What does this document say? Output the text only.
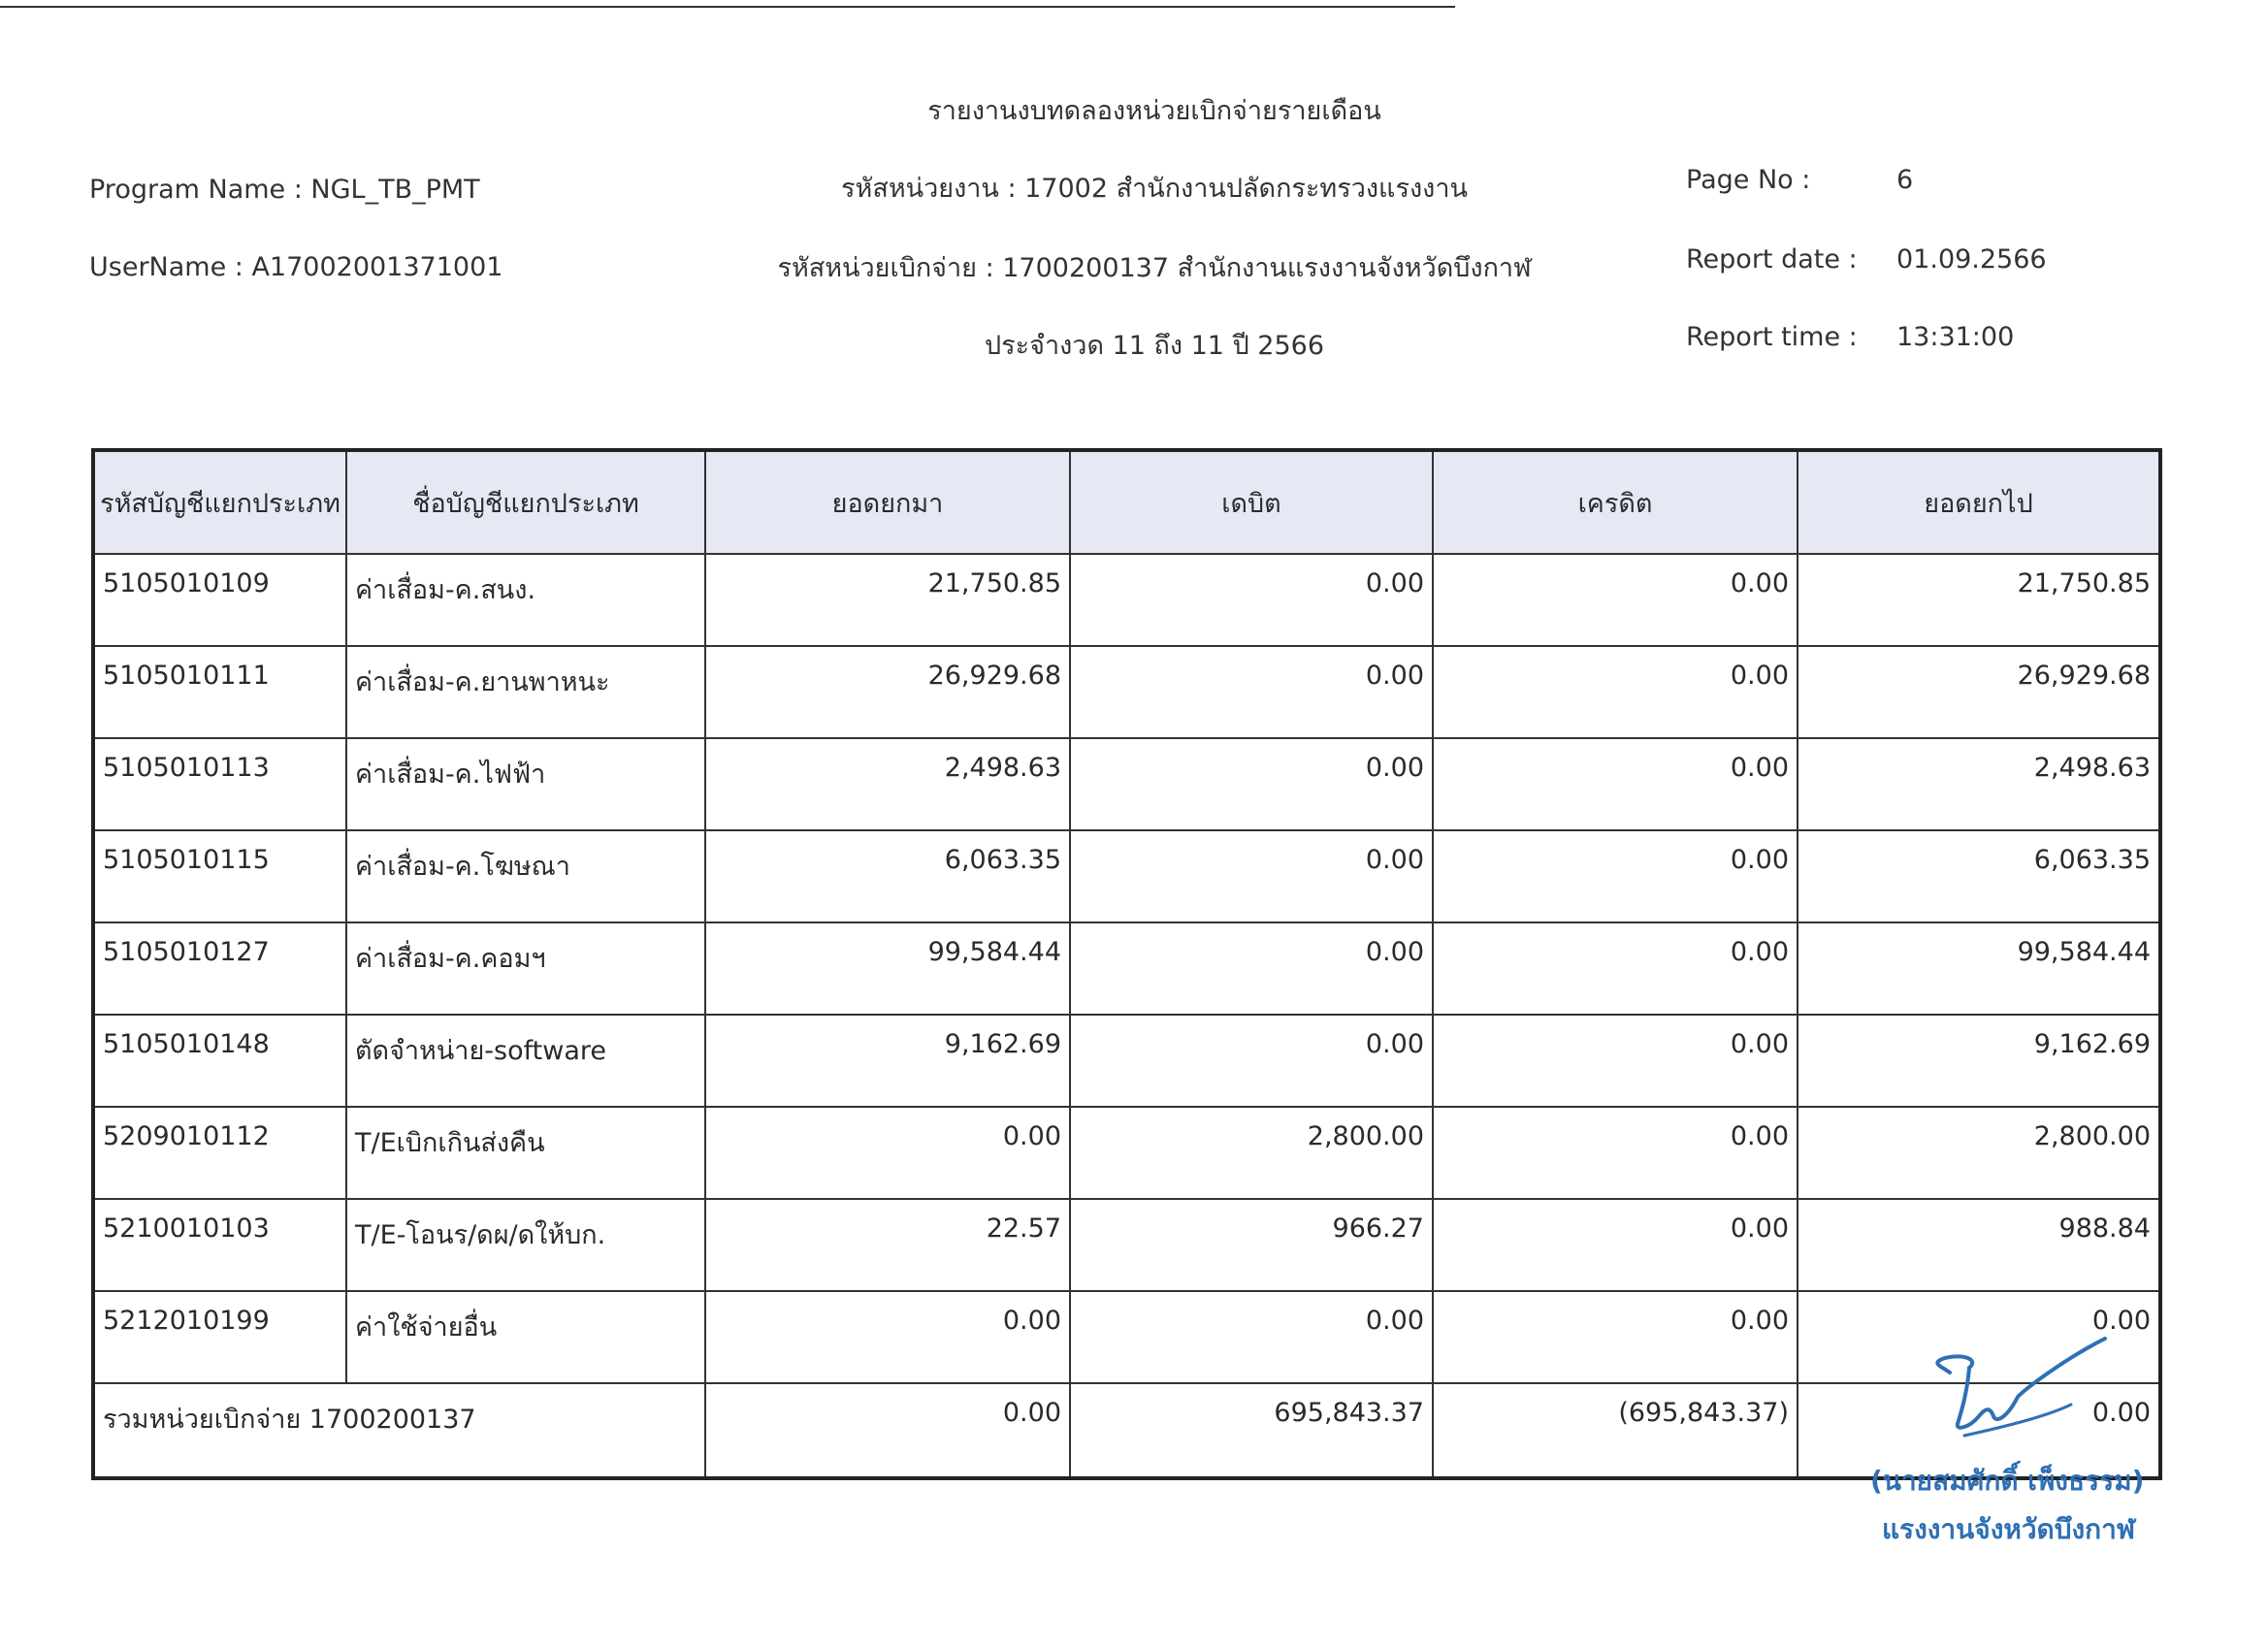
รายงานงบทดลองหน่วยเบิกจ่ายรายเดือน
Program Name : NGL_TB_PMT
UserName : A17002001371001
รหัสหน่วยงาน : 17002 สำนักงานปลัดกระทรวงแรงงาน
รหัสหน่วยเบิกจ่าย : 1700200137 สำนักงานแรงงานจังหวัดบึงกาฬ
ประจำงวด 11 ถึง 11 ปี 2566
Page No :	6
Report date : 01.09.2566
Report time : 13:31:00
รหัสบัญชีแยกประเภท	ชื่อบัญชีแยกประเภท	ยอดยกมา	เดบิต	เครดิต	ยอดยกไป
5105010109	ค่าเสื่อม-ค.สนง.	21,750.85	0.00	0.00	21,750.85
5105010111	ค่าเสื่อม-ค.ยานพาหนะ	26,929.68	0.00	0.00	26,929.68
5105010113	ค่าเสื่อม-ค.ไฟฟ้า	2,498.63	0.00	0.00	2,498.63
5105010115	ค่าเสื่อม-ค.โฆษณา	6,063.35	0.00	0.00	6,063.35
5105010127	ค่าเสื่อม-ค.คอมฯ	99,584.44	0.00	0.00	99,584.44
5105010148	ตัดจำหน่าย-software	9,162.69	0.00	0.00	9,162.69
5209010112	T/Eเบิกเกินส่งคืน	0.00	2,800.00	0.00	2,800.00
5210010103	T/E-โอนร/ดผ/ดให้บก.	22.57	966.27	0.00	988.84
5212010199	ค่าใช้จ่ายอื่น	0.00	0.00	0.00	0.00
รวมหน่วยเบิกจ่าย 1700200137		0.00	695,843.37	(695,843.37)	0.00
(นายสมศักดิ์ เพ็งธรรม)
แรงงานจังหวัดบึงกาฬ
